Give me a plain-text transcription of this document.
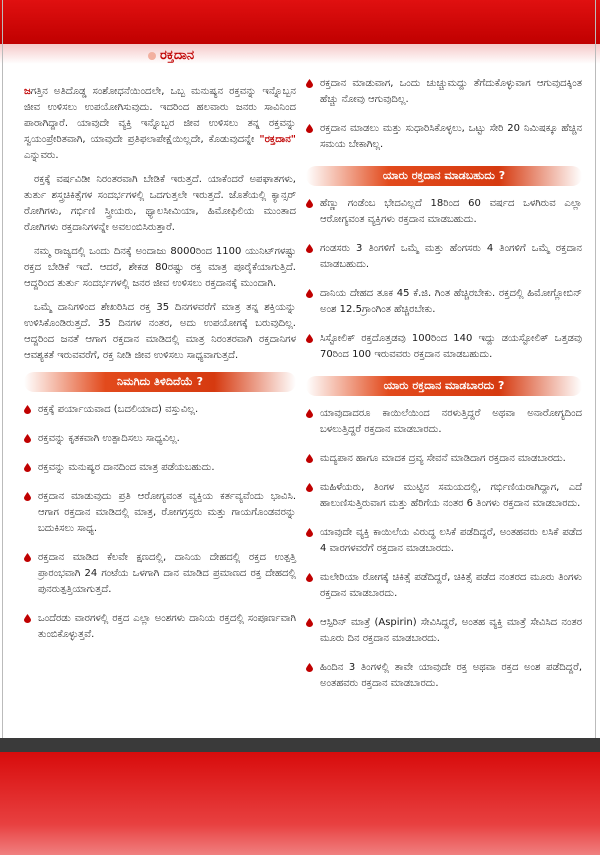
ರಕ್ತದಾನ

ಜಗತ್ತಿನ ಅತಿದೊಡ್ಡ ಸಂಶೋಧನೆಯಿಂದಲೇ, ಒಬ್ಬ ಮನುಷ್ಯನ ರಕ್ತವನ್ನು ಇನ್ನೊಬ್ಬನ ಜೀವ ಉಳಿಸಲು ಉಪಯೋಗಿಸುವುದು. ಇದರಿಂದ ಹಲವಾರು ಜನರು ಸಾವಿನಿಂದ ಪಾರಾಗಿದ್ದಾರೆ. ಯಾವುದೇ ವ್ಯಕ್ತಿ ಇನ್ನೊಬ್ಬರ ಜೀವ ಉಳಿಸಲು ತನ್ನ ರಕ್ತವನ್ನು ಸ್ವಯಂಪ್ರೇರಿತವಾಗಿ, ಯಾವುದೇ ಪ್ರತಿಫಲಾಪೇಕ್ಷೆಯಿಲ್ಲದೇ, ಕೊಡುವುದನ್ನೇ "ರಕ್ತದಾನ" ಎನ್ನುವರು.

ರಕ್ತಕ್ಕೆ ವರ್ಷವಿಡೀ ನಿರಂತರವಾಗಿ ಬೇಡಿಕೆ ಇರುತ್ತದೆ. ಯಾಕೆಂದರೆ ಅಪಘಾತಗಳು, ತುರ್ತು ಶಸ್ತ್ರಚಿಕಿತ್ಸೆಗಳ ಸಂದರ್ಭಗಳಲ್ಲಿ ಒದಗುತ್ತಲೇ ಇರುತ್ತದೆ. ಜೊತೆಯಲ್ಲಿ ಕ್ಯಾನ್ಸರ್ ರೋಗಿಗಳು, ಗರ್ಭಿಣಿ ಸ್ತ್ರೀಯರು, ಥ್ಯಾಲಸೀಮಿಯಾ, ಹಿಮೋಫಿಲಿಯ ಮುಂತಾದ ರೋಗಿಗಳು ರಕ್ತದಾನಿಗಳನ್ನೇ ಅವಲಂಬಿಸಿರುತ್ತಾರೆ.

ನಮ್ಮ ರಾಜ್ಯದಲ್ಲಿ ಒಂದು ದಿನಕ್ಕೆ ಅಂದಾಜು 8000ರಿಂದ 1100 ಯುನಿಟ್‌ಗಳಷ್ಟು ರಕ್ತದ ಬೇಡಿಕೆ ಇದೆ. ಆದರೆ, ಶೇಕಡ 80ರಷ್ಟು ರಕ್ತ ಮಾತ್ರ ಪೂರೈಕೆಯಾಗುತ್ತಿದೆ. ಆದ್ದರಿಂದ ತುರ್ತು ಸಂದರ್ಭಗಳಲ್ಲಿ ಜನರ ಜೀವ ಉಳಿಸಲು ರಕ್ತದಾನಕ್ಕೆ ಮುಂದಾಗಿ.

ಒಮ್ಮೆ ದಾನಿಗಳಿಂದ ಶೇಖರಿಸಿದ ರಕ್ತ 35 ದಿನಗಳವರೆಗೆ ಮಾತ್ರ ತನ್ನ ಶಕ್ತಿಯನ್ನು ಉಳಿಸಿಕೊಂಡಿರುತ್ತದೆ. 35 ದಿನಗಳ ನಂತರ, ಅದು ಉಪಯೋಗಕ್ಕೆ ಬರುವುದಿಲ್ಲ. ಆದ್ದರಿಂದ ಜನತೆ ಆಗಾಗ ರಕ್ತದಾನ ಮಾಡಿದಲ್ಲಿ ಮಾತ್ರ ನಿರಂತರವಾಗಿ ರಕ್ತದಾನಿಗಳ ಆವಶ್ಯಕತೆ ಇರುವವರೆಗೆ, ರಕ್ತ ನೀಡಿ ಜೀವ ಉಳಿಸಲು ಸಾಧ್ಯವಾಗುತ್ತದೆ.

ನಿಮಗಿದು ತಿಳಿದಿದೆಯೆ ?
ರಕ್ತಕ್ಕೆ ಪರ್ಯಾಯವಾದ (ಬದಲಿಯಾದ) ವಸ್ತುವಿಲ್ಲ.
ರಕ್ತವನ್ನು ಕೃತಕವಾಗಿ ಉತ್ಪಾದಿಸಲು ಸಾಧ್ಯವಿಲ್ಲ.
ರಕ್ತವನ್ನು ಮನುಷ್ಯರ ದಾನದಿಂದ ಮಾತ್ರ ಪಡೆಯಬಹುದು.
ರಕ್ತದಾನ ಮಾಡುವುದು ಪ್ರತಿ ಆರೋಗ್ಯವಂತ ವ್ಯಕ್ತಿಯ ಕರ್ತವ್ಯವೆಂದು ಭಾವಿಸಿ. ಆಗಾಗ ರಕ್ತದಾನ ಮಾಡಿದಲ್ಲಿ ಮಾತ್ರ, ರೋಗಗ್ರಸ್ತರು ಮತ್ತು ಗಾಯಗೊಂಡವರನ್ನು ಬದುಕಿಸಲು ಸಾಧ್ಯ.
ರಕ್ತದಾನ ಮಾಡಿದ ಕೆಲವೇ ಕ್ಷಣದಲ್ಲಿ, ದಾನಿಯ ದೇಹದಲ್ಲಿ ರಕ್ತದ ಉತ್ಪತ್ತಿ ಪ್ರಾರಂಭವಾಗಿ 24 ಗಂಟೆಯ ಒಳಗಾಗಿ ದಾನ ಮಾಡಿದ ಪ್ರಮಾಣದ ರಕ್ತ ದೇಹದಲ್ಲಿ ಪುನರುತ್ಪತ್ತಿಯಾಗುತ್ತದೆ.
ಒಂದೆರಡು ವಾರಗಳಲ್ಲಿ ರಕ್ತದ ಎಲ್ಲಾ ಅಂಶಗಳು ದಾನಿಯ ರಕ್ತದಲ್ಲಿ ಸಂಪೂರ್ಣವಾಗಿ ತುಂಬಿಕೊಳ್ಳುತ್ತವೆ.
ರಕ್ತದಾನ ಮಾಡುವಾಗ, ಒಂದು ಚುಚ್ಚುಮದ್ದು ತೆಗೆದುಕೊಳ್ಳುವಾಗ ಆಗುವುದಕ್ಕಿಂತ ಹೆಚ್ಚು ನೋವು ಆಗುವುದಿಲ್ಲ.
ರಕ್ತದಾನ ಮಾಡಲು ಮತ್ತು ಸುಧಾರಿಸಿಕೊಳ್ಳಲು, ಒಟ್ಟು ಸೇರಿ 20 ನಿಮಿಷಕ್ಕೂ ಹೆಚ್ಚಿನ ಸಮಯ ಬೇಕಾಗಿಲ್ಲ.
ಯಾರು ರಕ್ತದಾನ ಮಾಡಬಹುದು ?
ಹೆಣ್ಣು ಗಂಡೆಂಬ ಭೇದವಿಲ್ಲದೆ 18ರಿಂದ 60 ವರ್ಷದ ಒಳಗಿರುವ ಎಲ್ಲಾ ಆರೋಗ್ಯವಂತ ವ್ಯಕ್ತಿಗಳು ರಕ್ತದಾನ ಮಾಡಬಹುದು.
ಗಂಡಸರು 3 ತಿಂಗಳಿಗೆ ಒಮ್ಮೆ ಮತ್ತು ಹೆಂಗಸರು 4 ತಿಂಗಳಿಗೆ ಒಮ್ಮೆ ರಕ್ತದಾನ ಮಾಡಬಹುದು.
ದಾನಿಯ ದೇಹದ ತೂಕ 45 ಕೆ.ಜಿ. ಗಿಂತ ಹೆಚ್ಚಿರಬೇಕು. ರಕ್ತದಲ್ಲಿ ಹಿಮೋಗ್ಲೋಬಿನ್ ಅಂಶ 12.5ಗ್ರಾಂಗಿಂತ ಹೆಚ್ಚಿರಬೇಕು.
ಸಿಸ್ಟೋಲಿಕ್ ರಕ್ತದೊತ್ತಡವು 100ರಿಂದ 140 ಇದ್ದು ಡಯಸ್ಟೋಲಿಕ್ ಒತ್ತಡವು 70ರಿಂದ 100 ಇರುವವರು ರಕ್ತದಾನ ಮಾಡಬಹುದು.
ಯಾರು ರಕ್ತದಾನ ಮಾಡಬಾರದು ?
ಯಾವುದಾದರೂ ಕಾಯಿಲೆಯಿಂದ ನರಳುತ್ತಿದ್ದರೆ ಅಥವಾ ಅನಾರೋಗ್ಯದಿಂದ ಬಳಲುತ್ತಿದ್ದರೆ ರಕ್ತದಾನ ಮಾಡಬಾರದು.
ಮದ್ಯಪಾನ ಹಾಗೂ ಮಾದಕ ದ್ರವ್ಯ ಸೇವನೆ ಮಾಡಿದಾಗ ರಕ್ತದಾನ ಮಾಡಬಾರದು.
ಮಹಿಳೆಯರು, ತಿಂಗಳ ಮುಟ್ಟಿನ ಸಮಯದಲ್ಲಿ, ಗರ್ಭಿಣಿಯರಾಗಿದ್ದಾಗ, ಎದೆ ಹಾಲುಣಿಸುತ್ತಿರುವಾಗ ಮತ್ತು ಹೆರಿಗೆಯ ನಂತರ 6 ತಿಂಗಳು ರಕ್ತದಾನ ಮಾಡಬಾರದು.
ಯಾವುದೇ ವ್ಯಕ್ತಿ ಕಾಯಿಲೆಯ ವಿರುದ್ಧ ಲಸಿಕೆ ಪಡೆದಿದ್ದರೆ, ಅಂತಹವರು ಲಸಿಕೆ ಪಡೆದ 4 ವಾರಗಳವರೆಗೆ ರಕ್ತದಾನ ಮಾಡಬಾರದು.
ಮಲೇರಿಯಾ ರೋಗಕ್ಕೆ ಚಿಕಿತ್ಸೆ ಪಡೆದಿದ್ದರೆ, ಚಿಕಿತ್ಸೆ ಪಡೆದ ನಂತರದ ಮೂರು ತಿಂಗಳು ರಕ್ತದಾನ ಮಾಡಬಾರದು.
ಆಸ್ಪಿರಿನ್ ಮಾತ್ರೆ (Aspirin) ಸೇವಿಸಿದ್ದರೆ, ಅಂತಹ ವ್ಯಕ್ತಿ ಮಾತ್ರೆ ಸೇವಿಸಿದ ನಂತರ ಮೂರು ದಿನ ರಕ್ತದಾನ ಮಾಡಬಾರದು.
ಹಿಂದಿನ 3 ತಿಂಗಳಲ್ಲಿ ತಾವೇ ಯಾವುದೇ ರಕ್ತ ಅಥವಾ ರಕ್ತದ ಅಂಶ ಪಡೆದಿದ್ದರೆ, ಅಂತಹವರು ರಕ್ತದಾನ ಮಾಡಬಾರದು.
